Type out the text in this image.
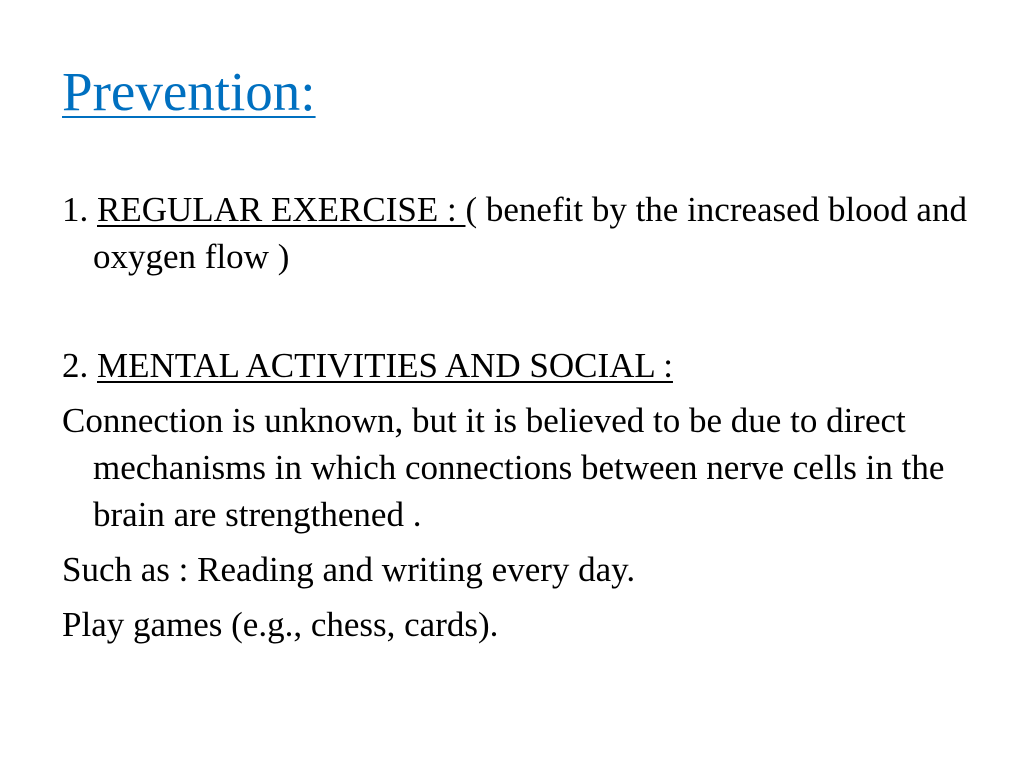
Prevention:

1. REGULAR EXERCISE : ( benefit by the increased blood and oxygen flow )

2. MENTAL ACTIVITIES AND SOCIAL :

Connection is unknown, but it is believed to be due to direct mechanisms in which connections between nerve cells in the brain are strengthened .

Such as : Reading and writing every day.

Play games (e.g., chess, cards).
